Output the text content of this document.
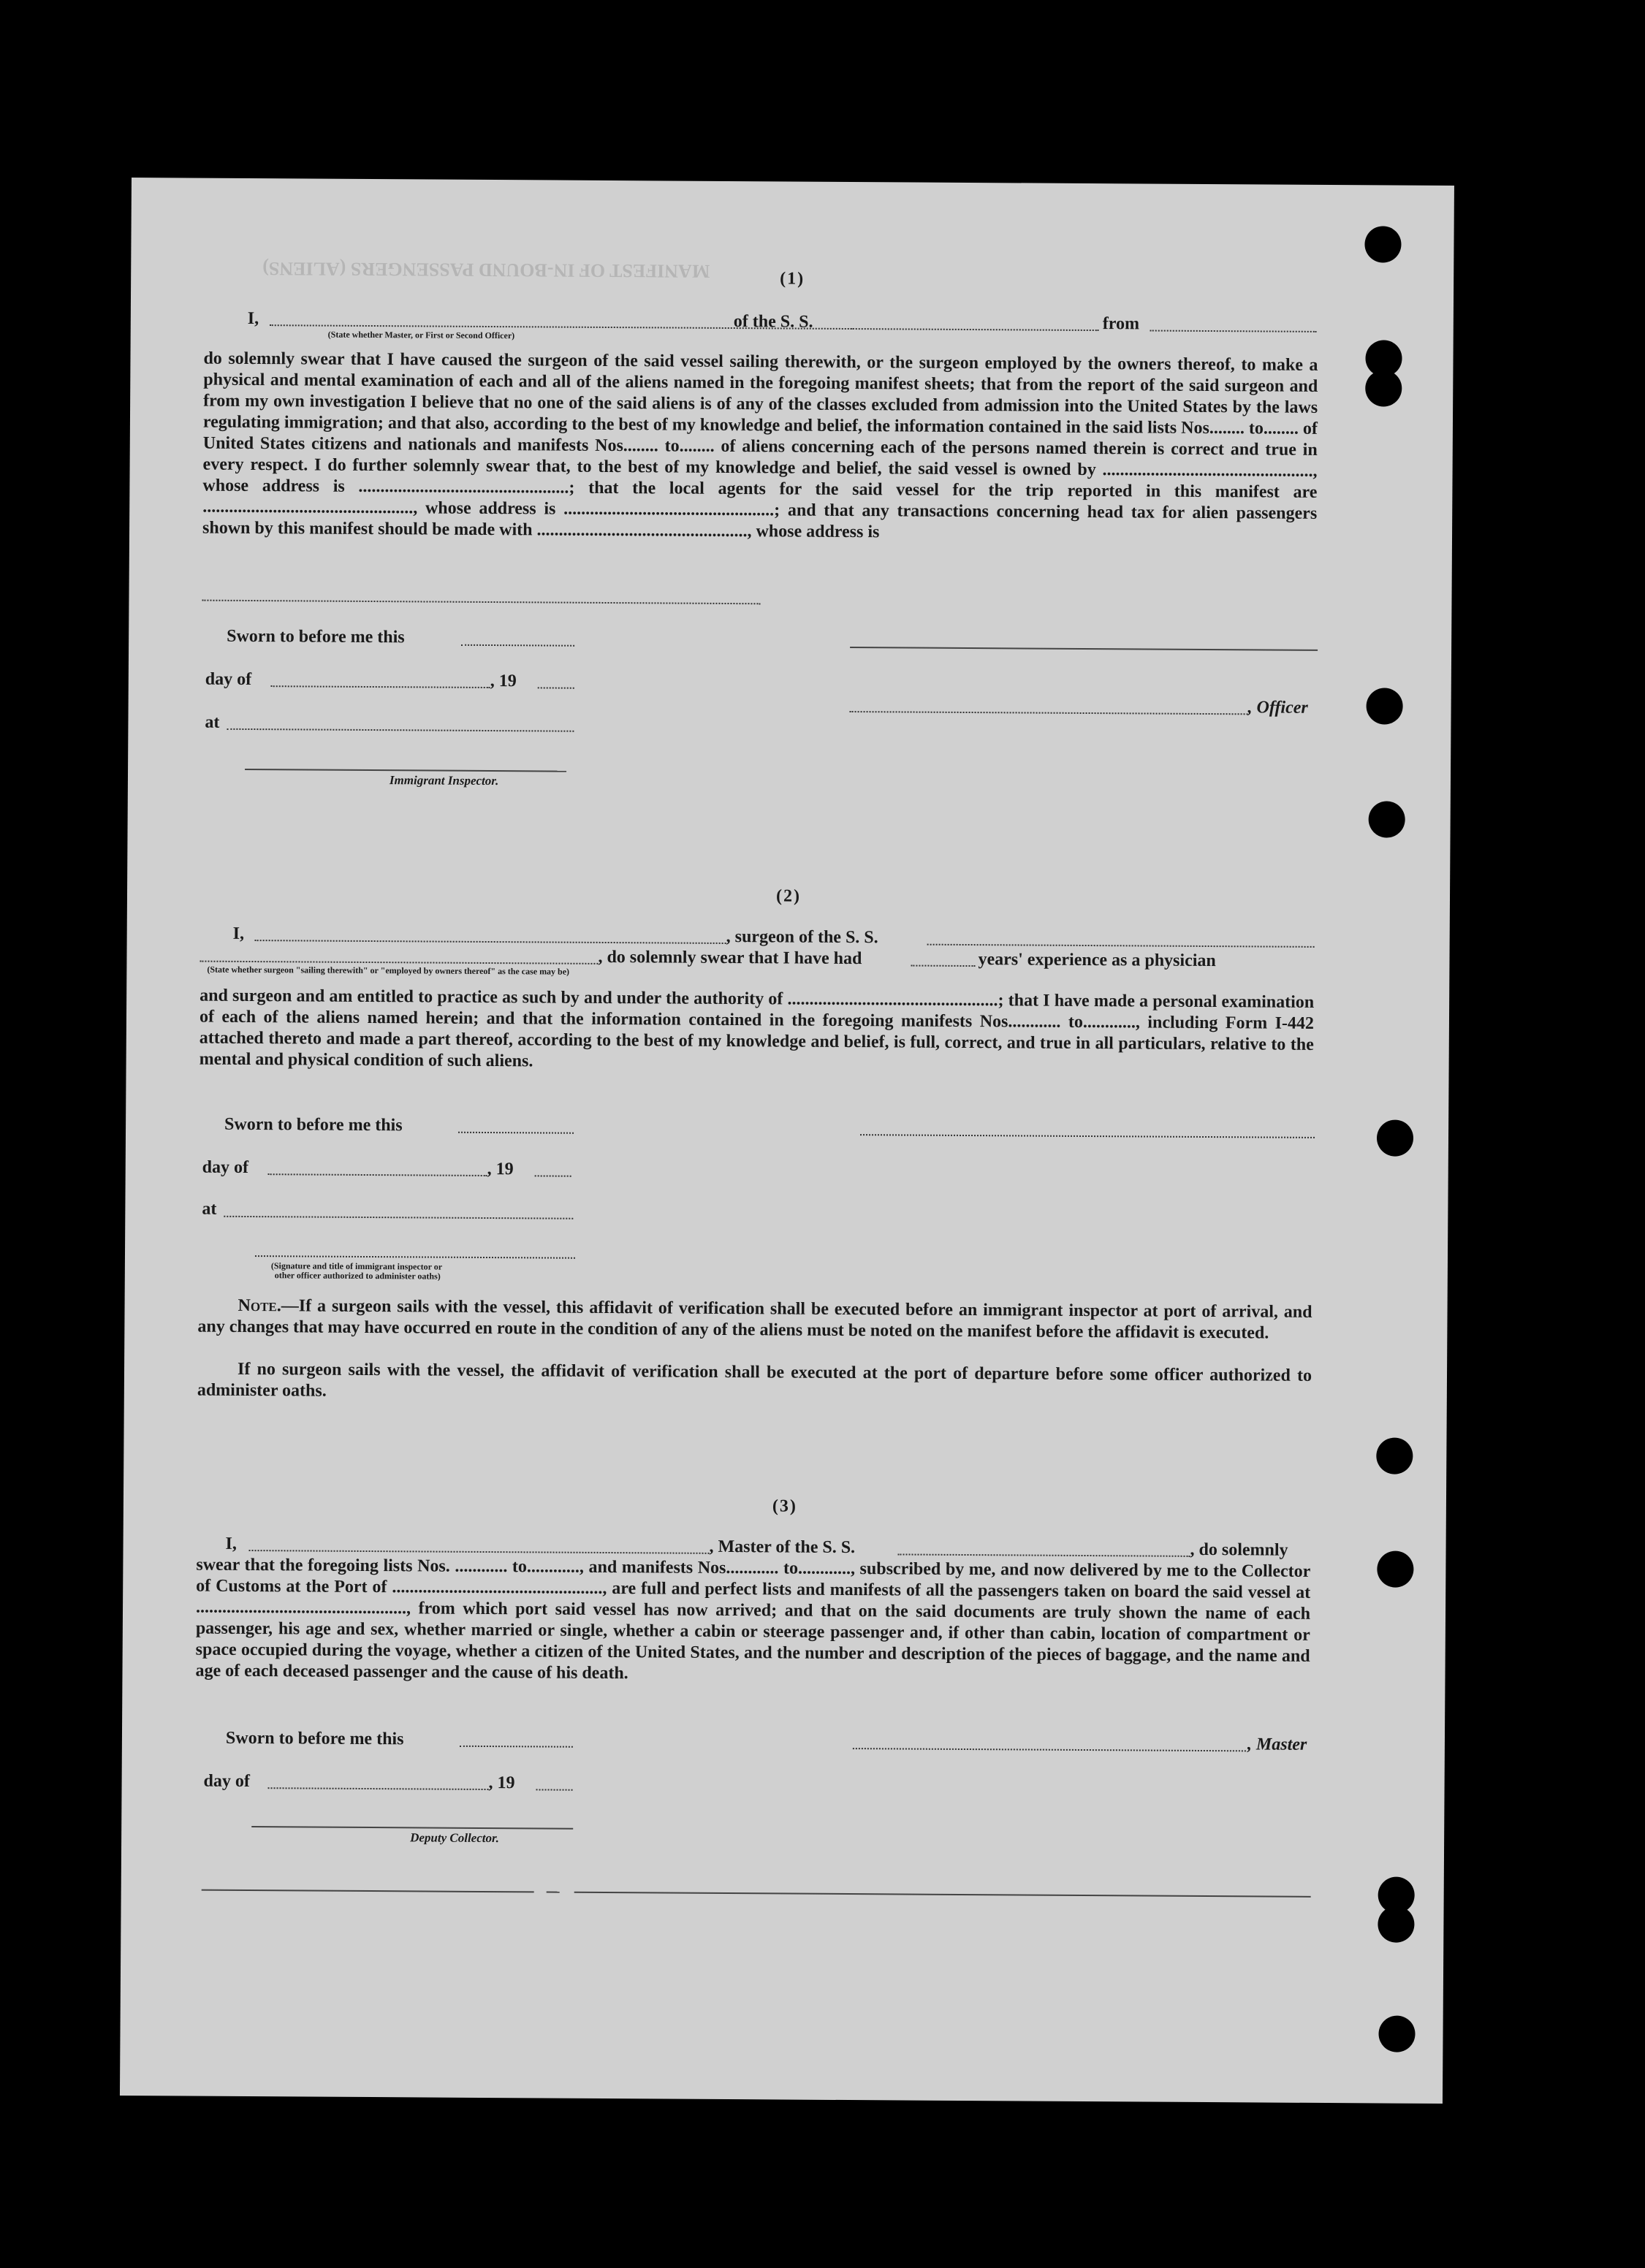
MANIFEST OF IN-BOUND PASSENGERS (ALIENS)	(1)
I,	of the S. S.	from
(State whether Master, or First or Second Officer)

do solemnly swear that I have caused the surgeon of the said vessel sailing therewith, or the surgeon employed by the owners thereof, to make a physical and mental examination of each and all of the aliens named in the foregoing manifest sheets; that from the report of the said surgeon and from my own investigation I believe that no one of the said aliens is of any of the classes excluded from admission into the United States by the laws regulating immigration; and that also, according to the best of my knowledge and belief, the information contained in the said lists Nos........ to........ of United States citizens and nationals and manifests Nos........ to........ of aliens concerning each of the persons named therein is correct and true in every respect. I do further solemnly swear that, to the best of my knowledge and belief, the said vessel is owned by ................................................, whose address is ................................................; that the local agents for the said vessel for the trip reported in this manifest are ................................................, whose address is ................................................; and that any transactions concerning head tax for alien passengers shown by this manifest should be made with ................................................, whose address is

Sworn to before me this
day of	, 19
, Officer
at
Immigrant Inspector.
(2)
I,	, surgeon of the S. S.
, do solemnly swear that I have had	years' experience as a physician
(State whether surgeon "sailing therewith" or "employed by owners thereof" as the case may be)

and surgeon and am entitled to practice as such by and under the authority of ................................................; that I have made a personal examination of each of the aliens named herein; and that the information contained in the foregoing manifests Nos............ to............, including Form I-442 attached thereto and made a part thereof, according to the best of my knowledge and belief, is full, correct, and true in all particulars, relative to the mental and physical condition of such aliens.

Sworn to before me this
day of	, 19
at
(Signature and title of immigrant inspector or
other officer authorized to administer oaths)

Note.—If a surgeon sails with the vessel, this affidavit of verification shall be executed before an immigrant inspector at port of arrival, and any changes that may have occurred en route in the condition of any of the aliens must be noted on the manifest before the affidavit is executed.

If no surgeon sails with the vessel, the affidavit of verification shall be executed at the port of departure before some officer authorized to administer oaths.

(3)
I,	, Master of the S. S.	, do solemnly

swear that the foregoing lists Nos. ............ to............, and manifests Nos............ to............, subscribed by me, and now delivered by me to the Collector of Customs at the Port of ................................................, are full and perfect lists and manifests of all the passengers taken on board the said vessel at ................................................, from which port said vessel has now arrived; and that on the said documents are truly shown the name of each passenger, his age and sex, whether married or single, whether a cabin or steerage passenger and, if other than cabin, location of compartment or space occupied during the voyage, whether a citizen of the United States, and the number and description of the pieces of baggage, and the name and age of each deceased passenger and the cause of his death.

Sworn to before me this	, Master
day of	, 19
Deputy Collector.
